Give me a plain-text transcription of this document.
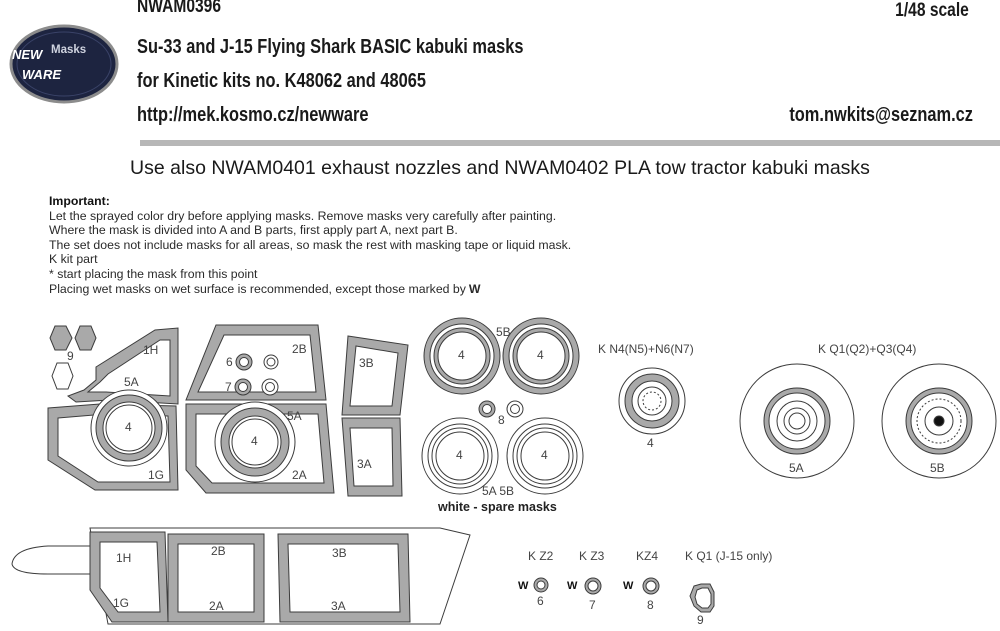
NWAM0396	1/48 scale
Su-33 and J-15 Flying Shark BASIC kabuki masks
for Kinetic kits no. K48062 and 48065
http://mek.kosmo.cz/newware	tom.nwkits@seznam.cz
Use also NWAM0401 exhaust nozzles and NWAM0402 PLA tow tractor kabuki masks
Important:
Let the sprayed color dry before applying masks. Remove masks very carefully after painting.
Where the mask is divided into A and B parts, first apply part A, next part B.
The set does not include masks for all areas, so mask the rest with masking tape or liquid mask.
K kit part
* start placing the mask from this point
Placing wet masks on wet surface is recommended, except those marked by W
NEW Masks
WARE
9	1H
5A
4
1G
6
7
2B
5A
4
2A
3B
3A
5B
4	4
8
4	4
5A 5B
white - spare masks
K N4(N5)+N6(N7)
4
K Q1(Q2)+Q3(Q4)
5A	5B
1H
1G
2B
2A
3B
3A
K Z2 K Z3	KZ4 K Q1 (J-15 only)
6	7	8
9
W	W	W
